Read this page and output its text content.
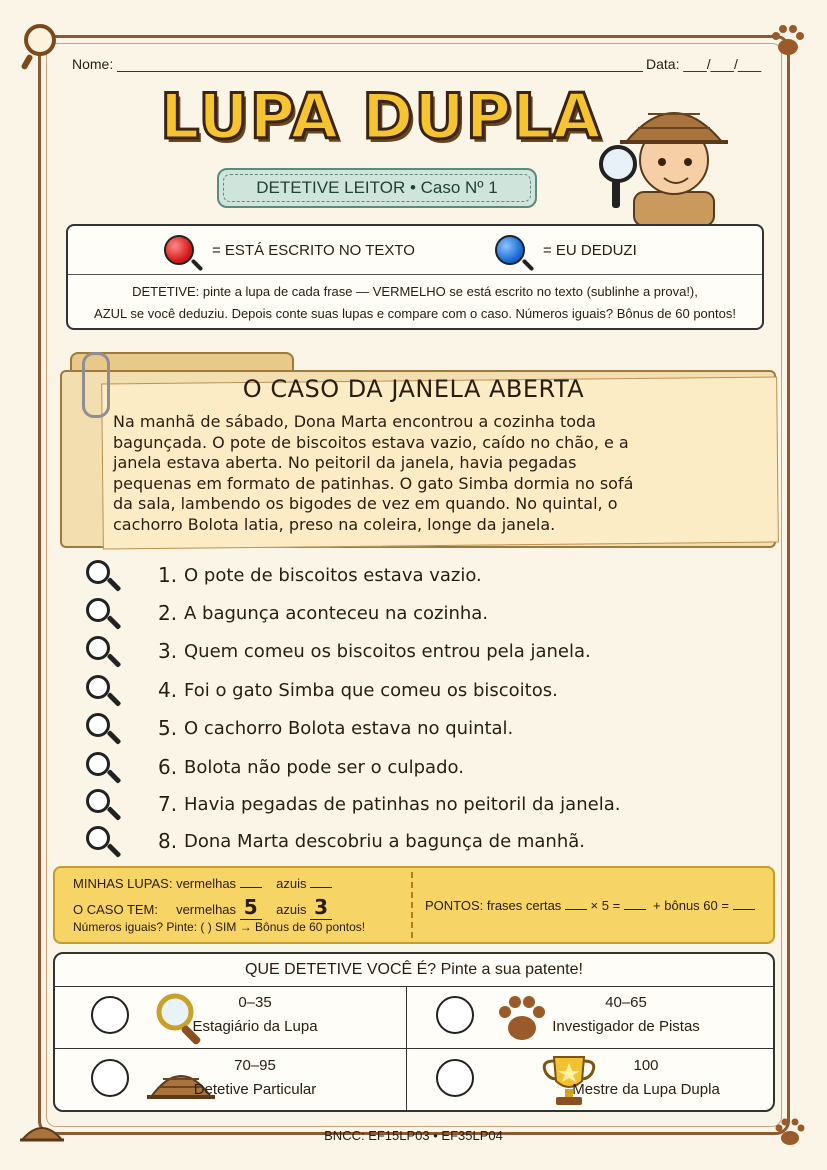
Nome:	Data: ___/___/___
LUPA DUPLA
DETETIVE LEITOR • Caso Nº 1
= ESTÁ ESCRITO NO TEXTO	= EU DEDUZI
DETETIVE: pinte a lupa de cada frase — VERMELHO se está escrito no texto (sublinhe a prova!),
AZUL se você deduziu. Depois conte suas lupas e compare com o caso. Números iguais? Bônus de 60 pontos!
O CASO DA JANELA ABERTA
Na manhã de sábado, Dona Marta encontrou a cozinha toda
bagunçada. O pote de biscoitos estava vazio, caído no chão, e a
janela estava aberta. No peitoril da janela, havia pegadas
pequenas em formato de patinhas. O gato Simba dormia no sofá
da sala, lambendo os bigodes de vez em quando. No quintal, o
cachorro Bolota latia, preso na coleira, longe da janela.
1. O pote de biscoitos estava vazio.
2. A bagunça aconteceu na cozinha.
3. Quem comeu os biscoitos entrou pela janela.
4. Foi o gato Simba que comeu os biscoitos.
5. O cachorro Bolota estava no quintal.
6. Bolota não pode ser o culpado.
7. Havia pegadas de patinhas no peitoril da janela.
8. Dona Marta descobriu a bagunça de manhã.
MINHAS LUPAS: vermelhas	azuis
O CASO TEM: vermelhas 5 azuis 3
Números iguais? Pinte: ( ) SIM → Bônus de 60 pontos!
PONTOS: frases certas × 5 =	+ bônus 60 =
QUE DETETIVE VOCÊ É? Pinte a sua patente!
0–35
Estagiário da Lupa
40–65
Investigador de Pistas
70–95
Detetive Particular
100
Mestre da Lupa Dupla
BNCC: EF15LP03 • EF35LP04
